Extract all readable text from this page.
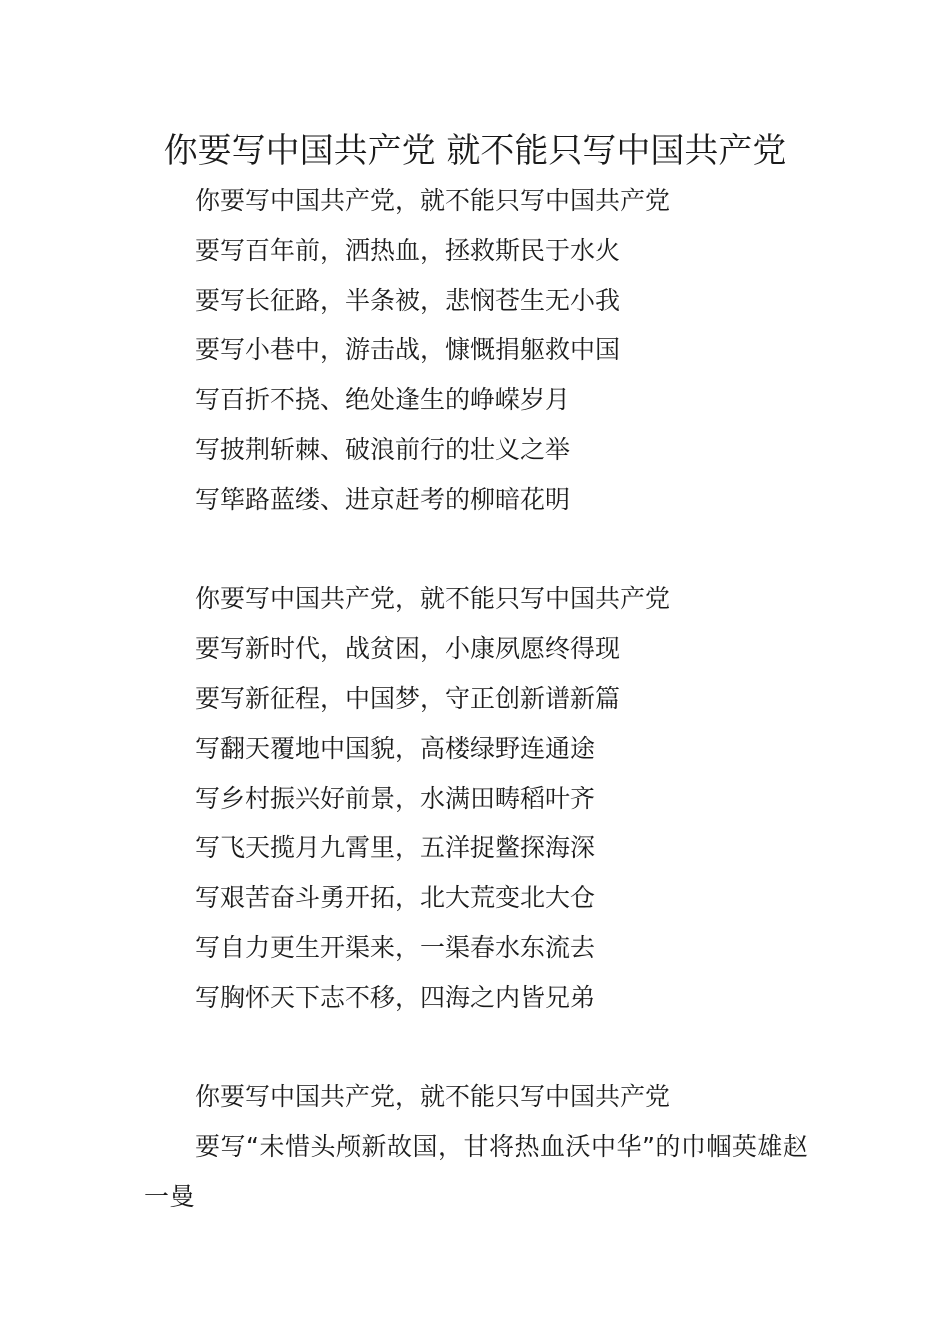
你要写中国共产党 就不能只写中国共产党
你要写中国共产党，就不能只写中国共产党
要写百年前，洒热血，拯救斯民于水火
要写长征路，半条被，悲悯苍生无小我
要写小巷中，游击战，慷慨捐躯救中国
写百折不挠、绝处逢生的峥嵘岁月
写披荆斩棘、破浪前行的壮义之举
写筚路蓝缕、进京赶考的柳暗花明
你要写中国共产党，就不能只写中国共产党
要写新时代，战贫困，小康夙愿终得现
要写新征程，中国梦，守正创新谱新篇
写翻天覆地中国貌，高楼绿野连通途
写乡村振兴好前景，水满田畴稻叶齐
写飞天揽月九霄里，五洋捉鳖探海深
写艰苦奋斗勇开拓，北大荒变北大仓
写自力更生开渠来，一渠春水东流去
写胸怀天下志不移，四海之内皆兄弟
你要写中国共产党，就不能只写中国共产党
要写“未惜头颅新故国，甘将热血沃中华”的巾帼英雄赵一曼
